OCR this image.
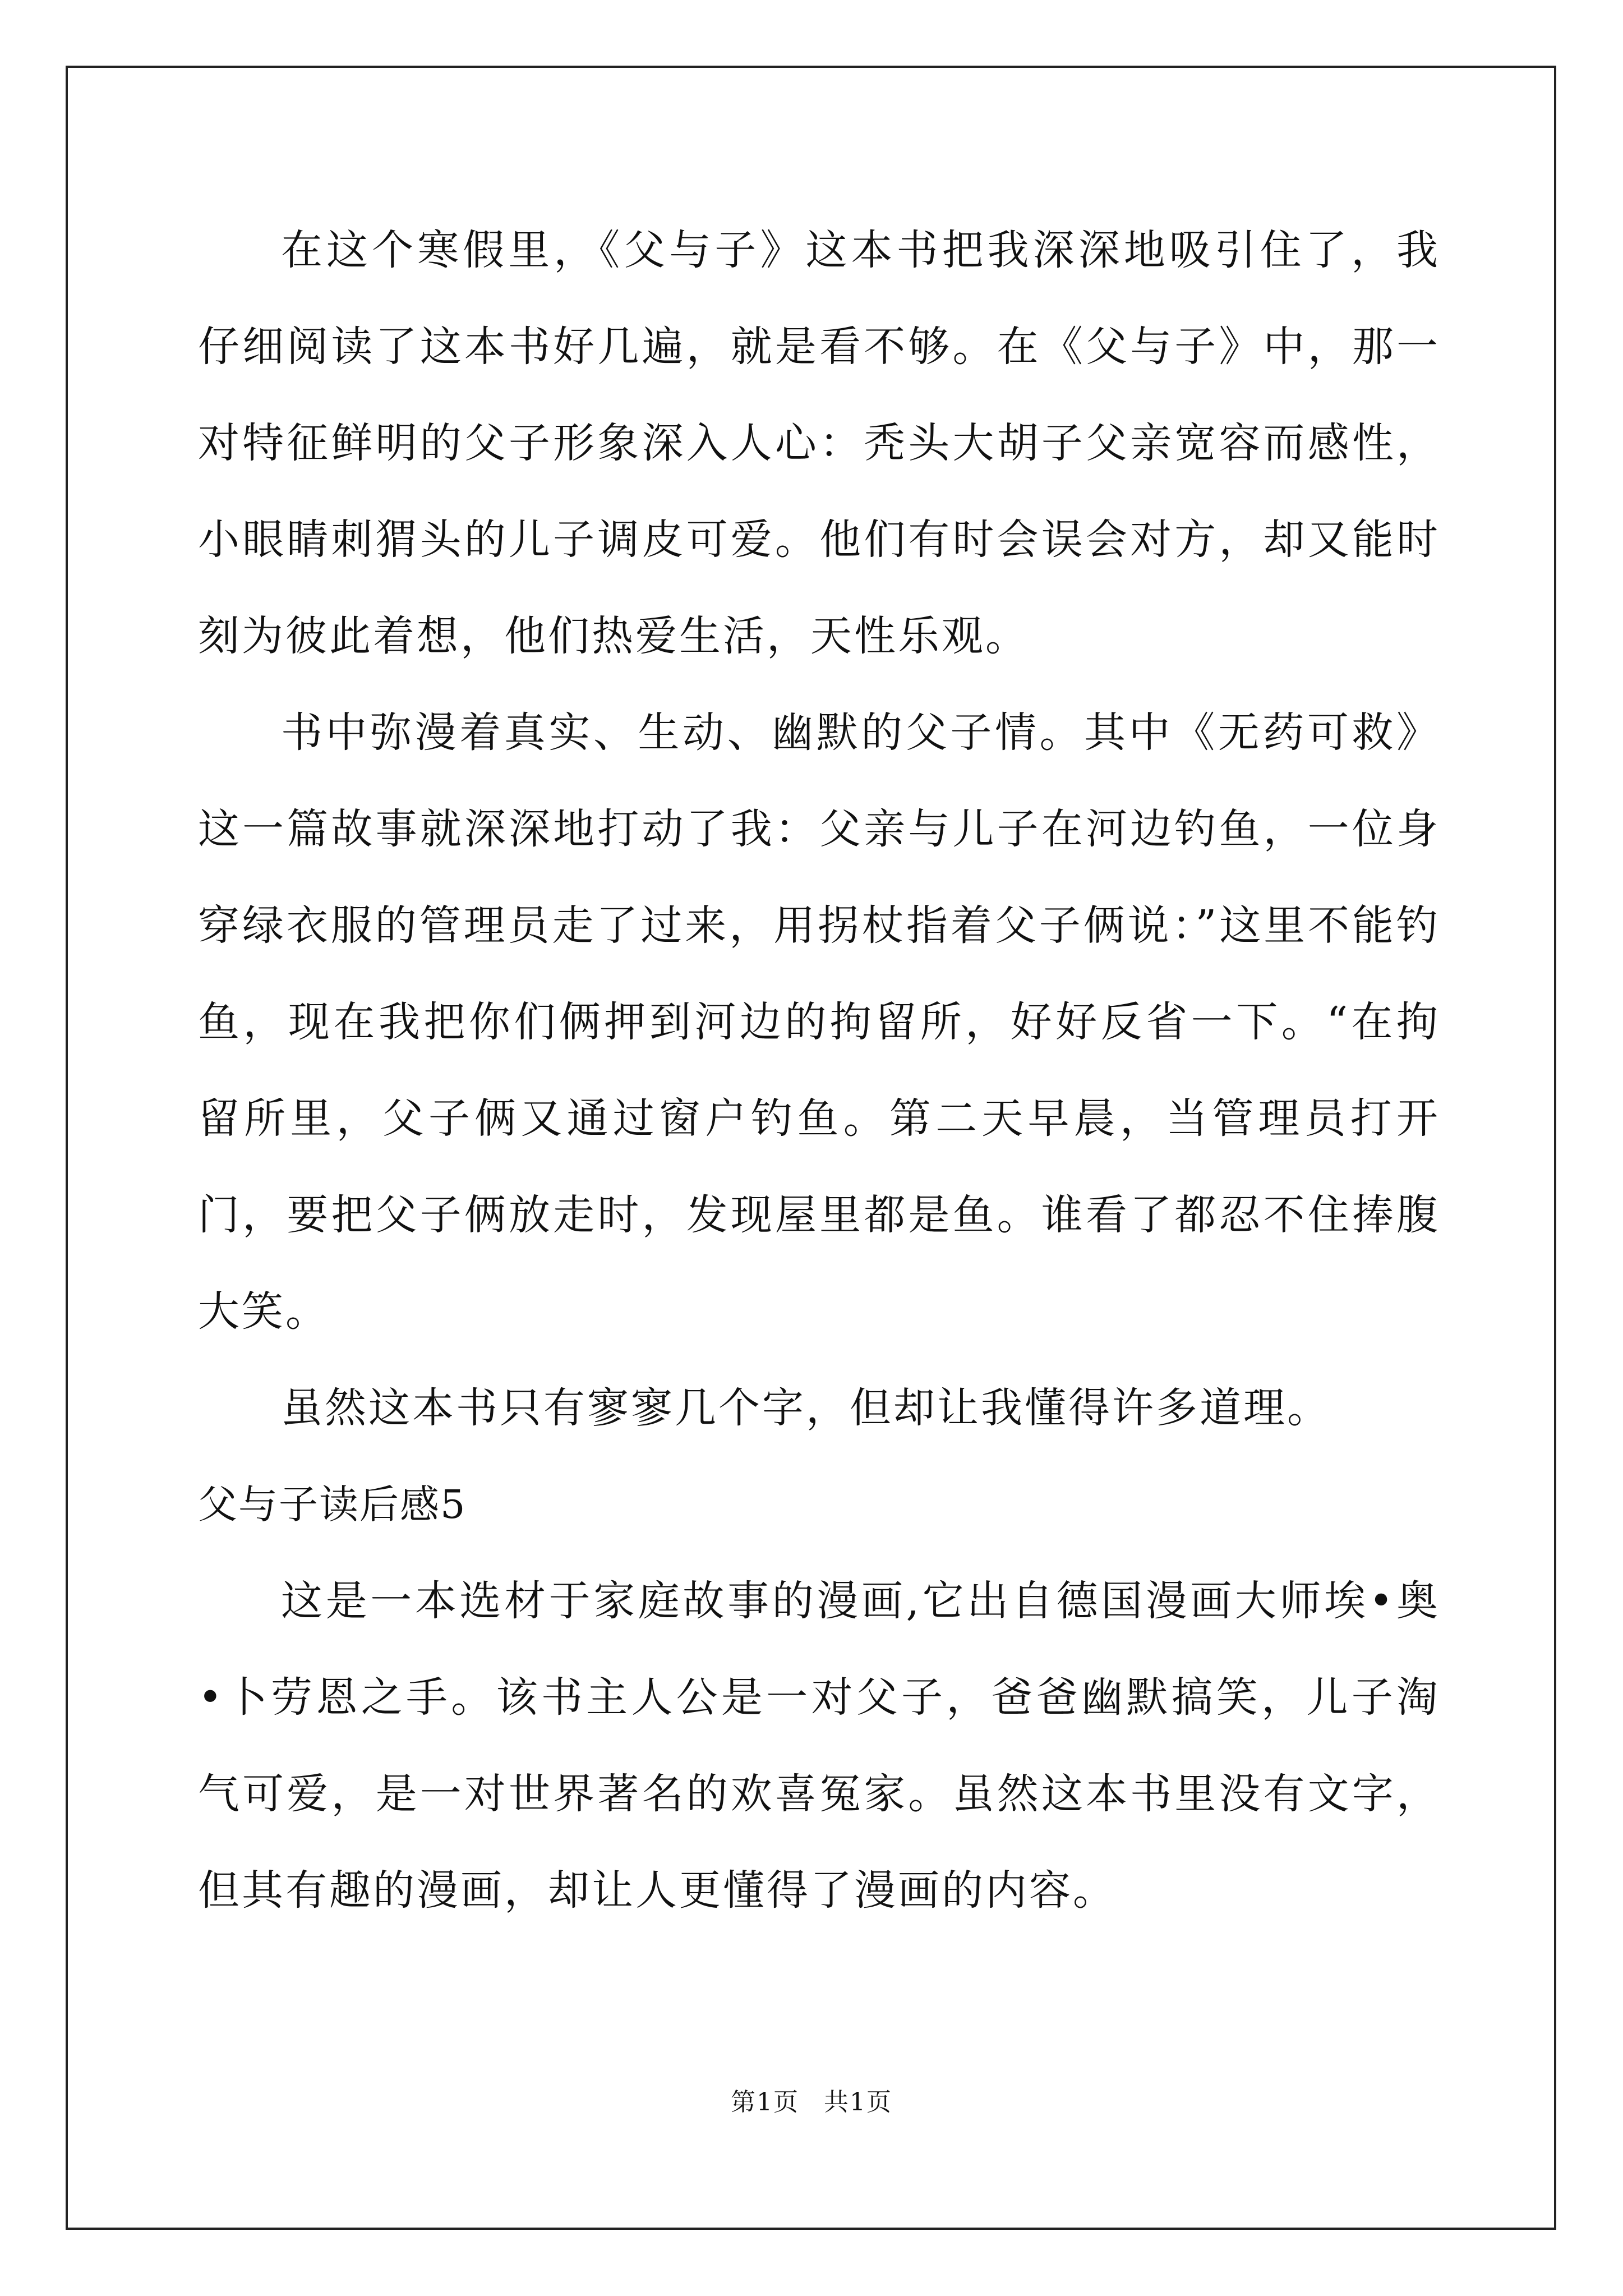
在这个寒假里，《父与子》这本书把我深深地吸引住了，我仔细阅读了这本书好几遍，就是看不够。在《父与子》中，那一对特征鲜明的父子形象深入人心：秃头大胡子父亲宽容而感性，小眼睛刺猬头的儿子调皮可爱。他们有时会误会对方，却又能时刻为彼此着想，他们热爱生活，天性乐观。

书中弥漫着真实、生动、幽默的父子情。其中《无药可救》这一篇故事就深深地打动了我：父亲与儿子在河边钓鱼，一位身穿绿衣服的管理员走了过来，用拐杖指着父子俩说：”这里不能钓鱼，现在我把你们俩押到河边的拘留所，好好反省一下。“在拘留所里，父子俩又通过窗户钓鱼。第二天早晨，当管理员打开门，要把父子俩放走时，发现屋里都是鱼。谁看了都忍不住捧腹大笑。

虽然这本书只有寥寥几个字，但却让我懂得许多道理。

父与子读后感5

这是一本选材于家庭故事的漫画,它出自德国漫画大师埃•奥•卜劳恩之手。该书主人公是一对父子，爸爸幽默搞笑，儿子淘气可爱，是一对世界著名的欢喜冤家。虽然这本书里没有文字，但其有趣的漫画，却让人更懂得了漫画的内容。

第1页 共1页
